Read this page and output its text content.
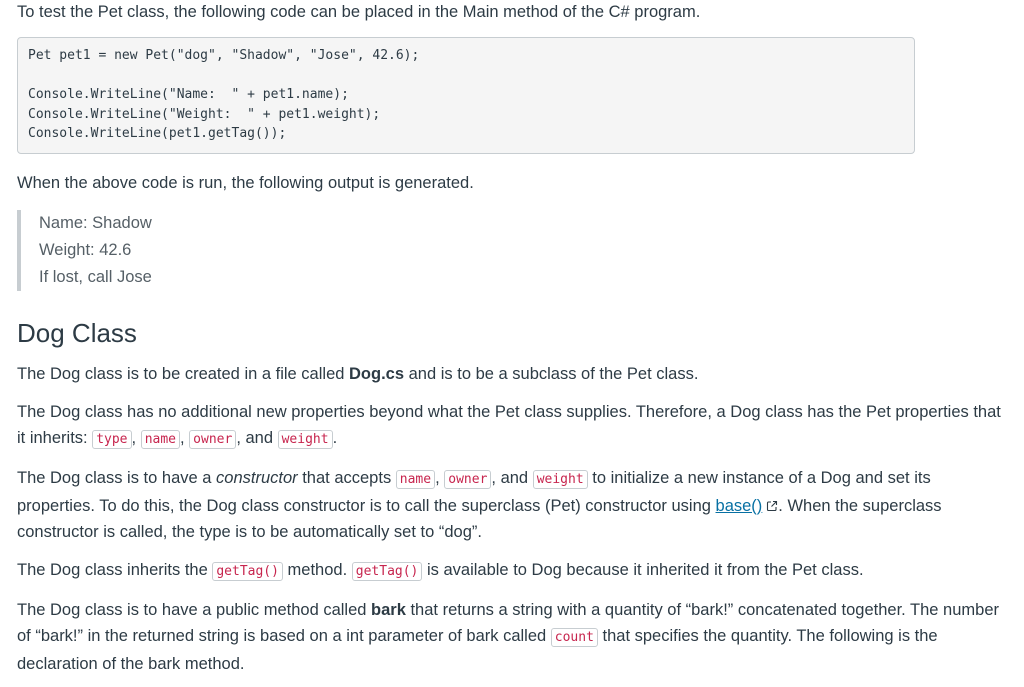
To test the Pet class, the following code can be placed in the Main method of the C# program.

Pet pet1 = new Pet("dog", "Shadow", "Jose", 42.6);
Console.WriteLine("Name:  " + pet1.name);
Console.WriteLine("Weight:  " + pet1.weight);
Console.WriteLine(pet1.getTag());

When the above code is run, the following output is generated.

Name: Shadow
Weight: 42.6
If lost, call Jose
Dog Class

The Dog class is to be created in a file called Dog.cs and is to be a subclass of the Pet class.

The Dog class has no additional new properties beyond what the Pet class supplies. Therefore, a Dog class has the Pet properties that it inherits: type , name , owner , and weight .

The Dog class is to have a constructor that accepts name , owner , and weight to initialize a new instance of a Dog and set its properties. To do this, the Dog class constructor is to call the superclass (Pet) constructor using base() . When the superclass constructor is called, the type is to be automatically set to “dog”.

The Dog class inherits the getTag() method. getTag() is available to Dog because it inherited it from the Pet class.

The Dog class is to have a public method called bark that returns a string with a quantity of “bark!” concatenated together. The number of “bark!” in the returned string is based on a int parameter of bark called count that specifies the quantity. The following is the declaration of the bark method.
